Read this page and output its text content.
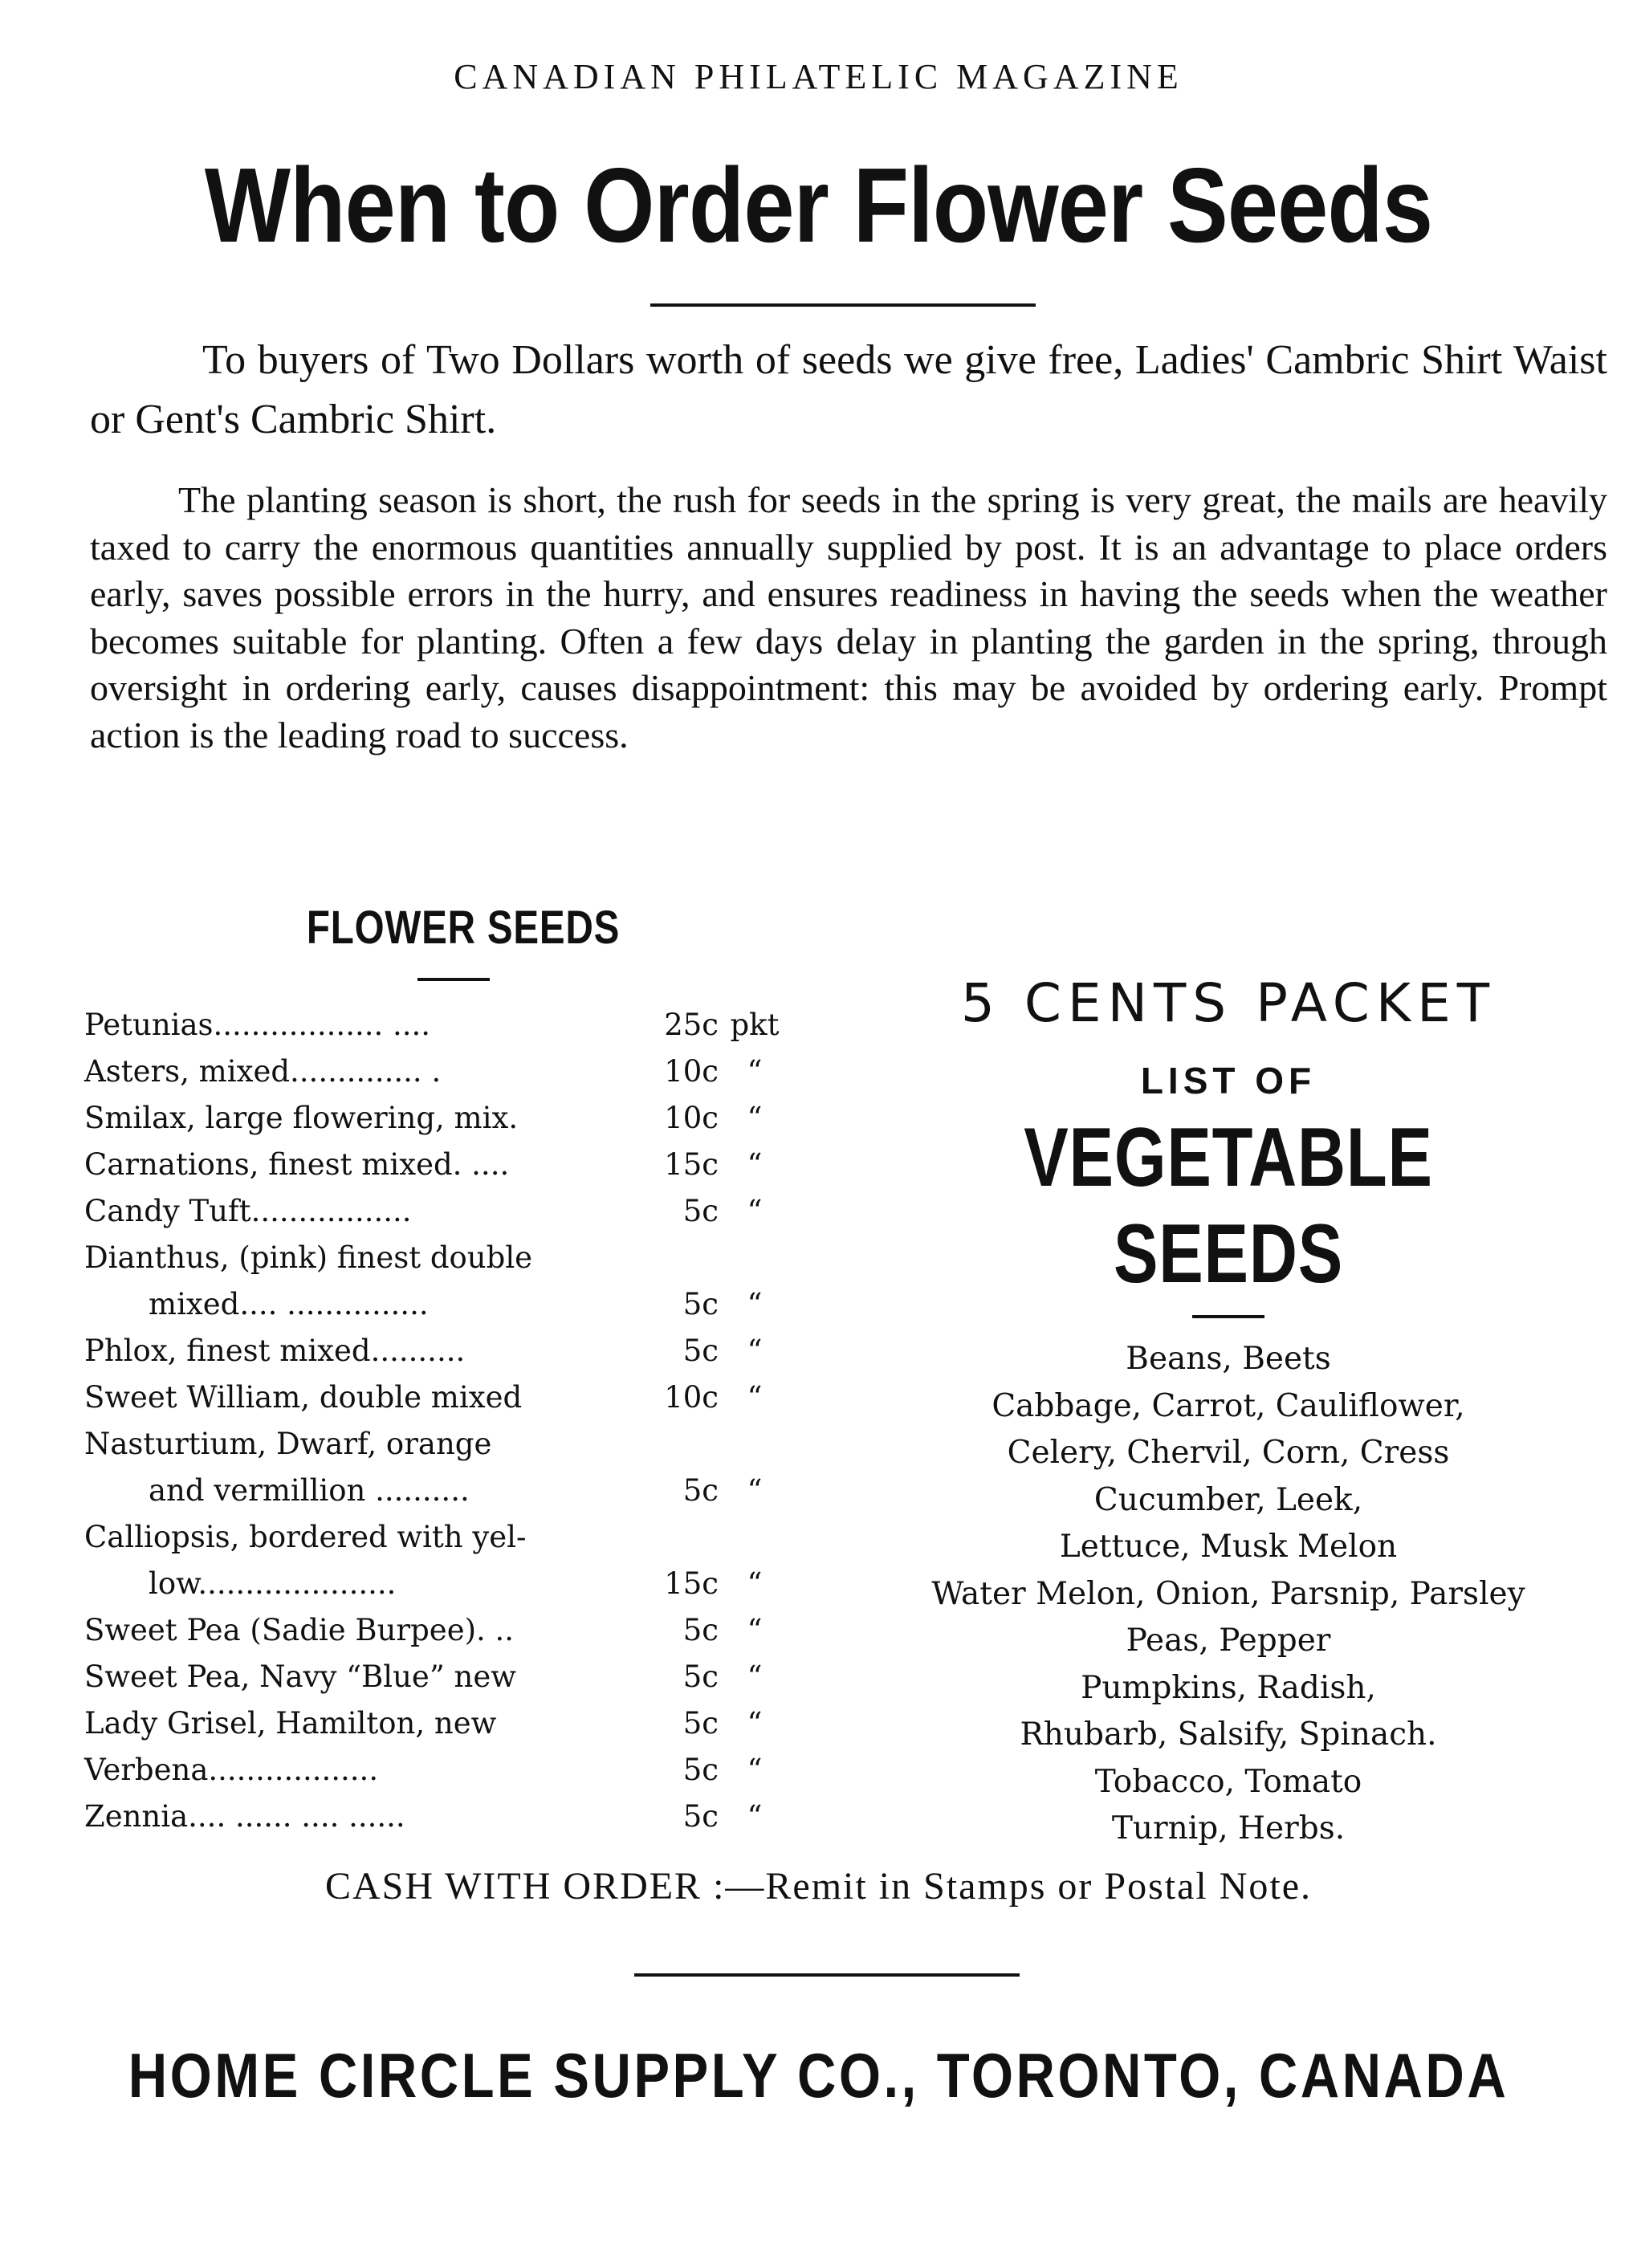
CANADIAN PHILATELIC MAGAZINE
When to Order Flower Seeds
To buyers of Two Dollars worth of seeds we give free, Ladies' Cambric Shirt Waist or Gent's Cambric Shirt.
The planting season is short, the rush for seeds in the spring is very great, the mails are heavily taxed to carry the enormous quantities annually supplied by post. It is an advantage to place orders early, saves possible errors in the hurry, and ensures readiness in having the seeds when the weather becomes suitable for planting. Often a few days delay in planting the garden in the spring, through oversight in ordering early, causes disappointment: this may be avoided by ordering early. Prompt action is the leading road to success.
FLOWER SEEDS
Petunias.................. ....	25c pkt
Asters, mixed.............. .	10c “
Smilax, large flowering, mix.	10c “
Carnations, finest mixed. ....	15c “
Candy Tuft.................	5c “
Dianthus, (pink) finest double
mixed.... ...............	5c “
Phlox, finest mixed..........	5c “
Sweet William, double mixed	10c “
Nasturtium, Dwarf, orange
and vermillion ..........	5c “
Calliopsis, bordered with yel-
low.....................	15c “
Sweet Pea (Sadie Burpee). ..	5c “
Sweet Pea, Navy “Blue” new	5c “
Lady Grisel, Hamilton, new	5c “
Verbena..................	5c “
Zennia.... ...... .... ......	5c “
5 CENTS PACKET
LIST OF
VEGETABLE SEEDS
Beans, Beets
Cabbage, Carrot, Cauliflower,
Celery, Chervil, Corn, Cress
Cucumber, Leek,
Lettuce, Musk Melon
Water Melon, Onion, Parsnip, Parsley
Peas, Pepper
Pumpkins, Radish,
Rhubarb, Salsify, Spinach.
Tobacco, Tomato
Turnip, Herbs.
CASH WITH ORDER :—Remit in Stamps or Postal Note.
HOME CIRCLE SUPPLY CO., TORONTO, CANADA
